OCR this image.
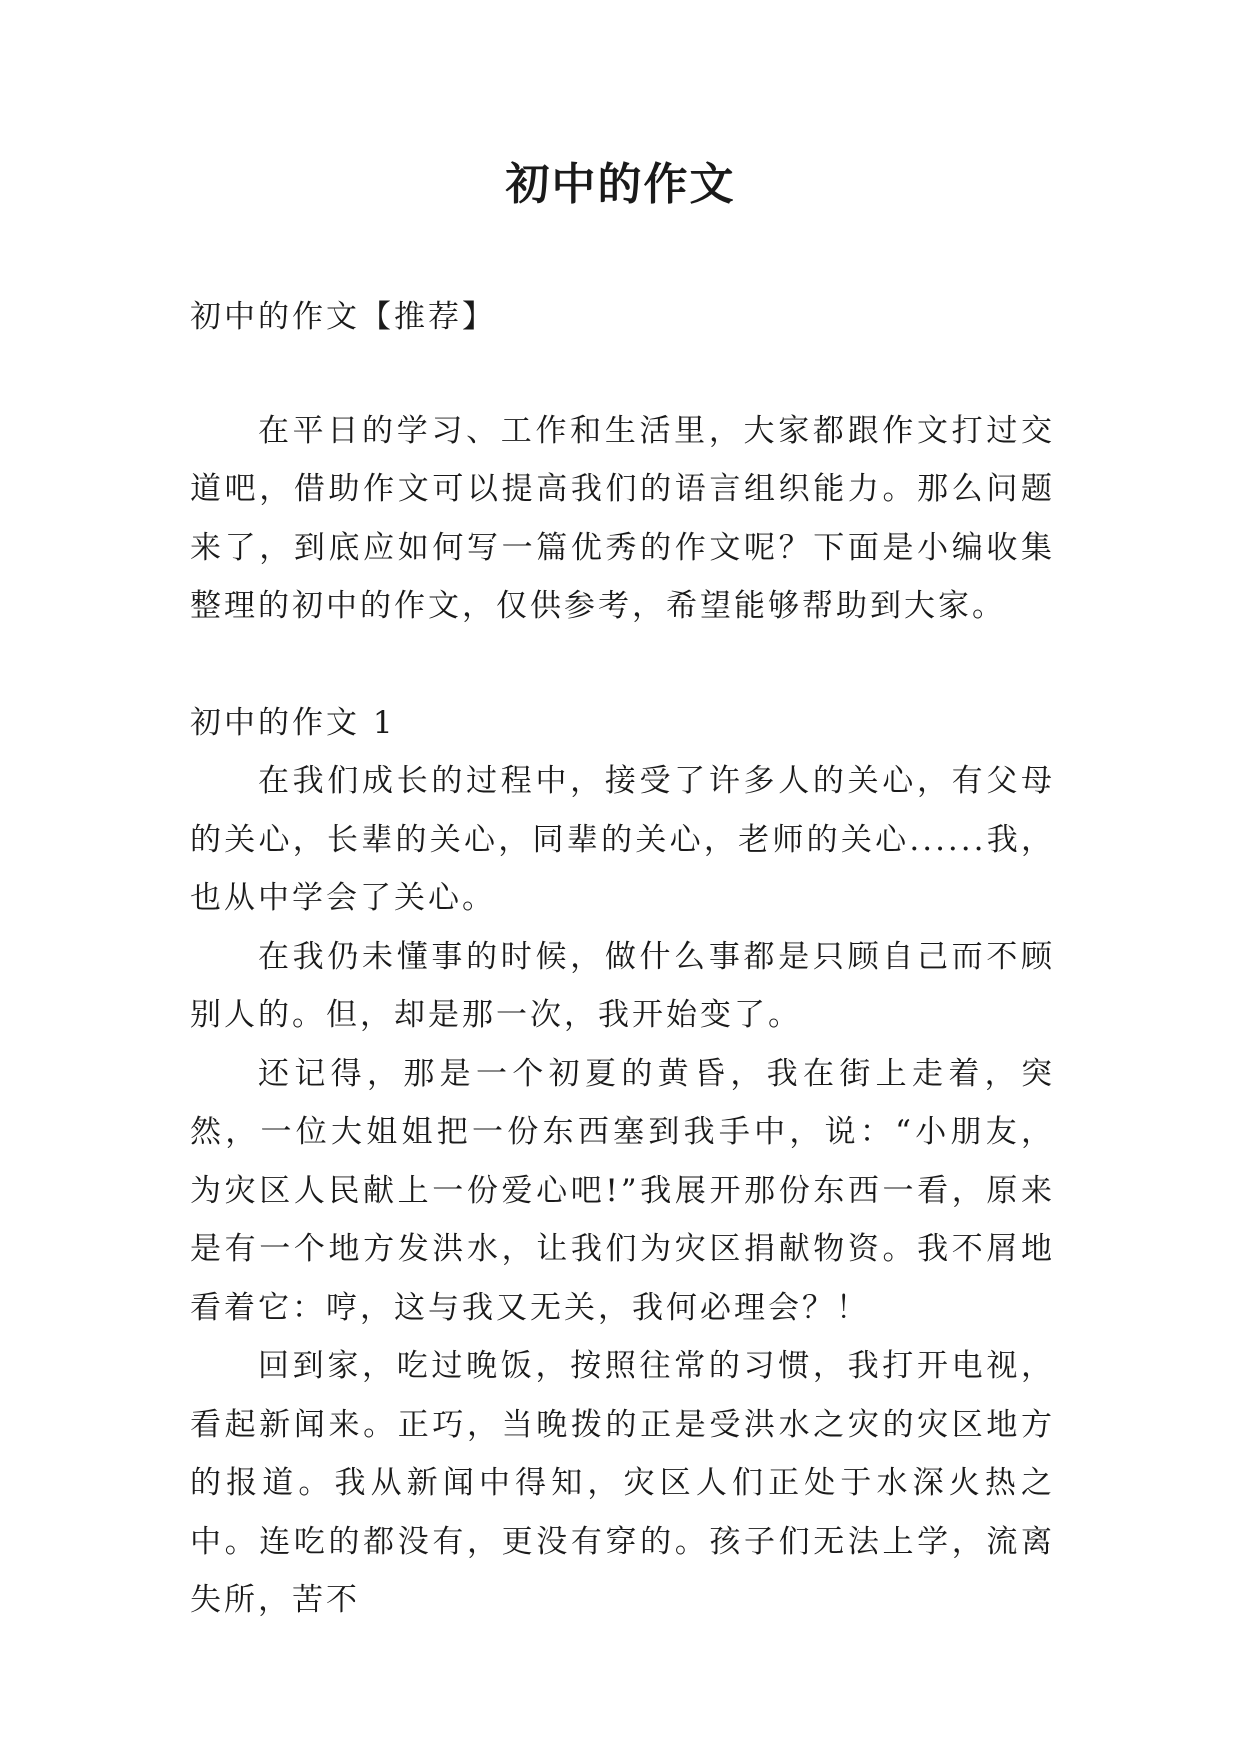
初中的作文

初中的作文【推荐】

在平日的学习、工作和生活里，大家都跟作文打过交道吧，借助作文可以提高我们的语言组织能力。那么问题来了，到底应如何写一篇优秀的作文呢？下面是小编收集整理的初中的作文，仅供参考，希望能够帮助到大家。

初中的作文 1

在我们成长的过程中，接受了许多人的关心，有父母的关心，长辈的关心，同辈的关心，老师的关心......我，也从中学会了关心。

在我仍未懂事的时候，做什么事都是只顾自己而不顾别人的。但，却是那一次，我开始变了。

还记得，那是一个初夏的黄昏，我在街上走着，突然，一位大姐姐把一份东西塞到我手中，说：“小朋友，为灾区人民献上一份爱心吧!”我展开那份东西一看，原来是有一个地方发洪水，让我们为灾区捐献物资。我不屑地看着它：哼，这与我又无关，我何必理会？！

回到家，吃过晚饭，按照往常的习惯，我打开电视，看起新闻来。正巧，当晚拨的正是受洪水之灾的灾区地方的报道。我从新闻中得知，灾区人们正处于水深火热之中。连吃的都没有，更没有穿的。孩子们无法上学，流离失所，苦不
